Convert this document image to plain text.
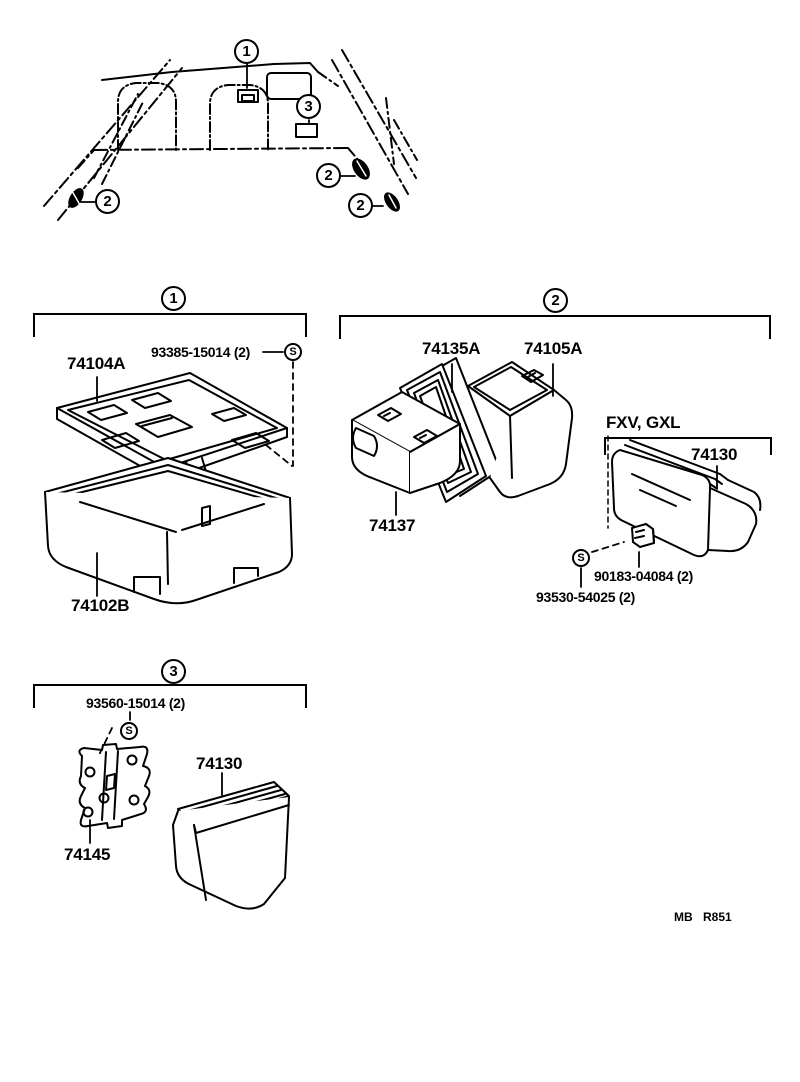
1
3
2
2
2
1
74104A
93385-15014 (2)	S
74102B
2
74135A	74105A
74137
FXV, GXL
74130
90183-04084 (2)
93530-54025 (2)
S
3
93560-15014 (2)
S
74145
74130
MB R851
